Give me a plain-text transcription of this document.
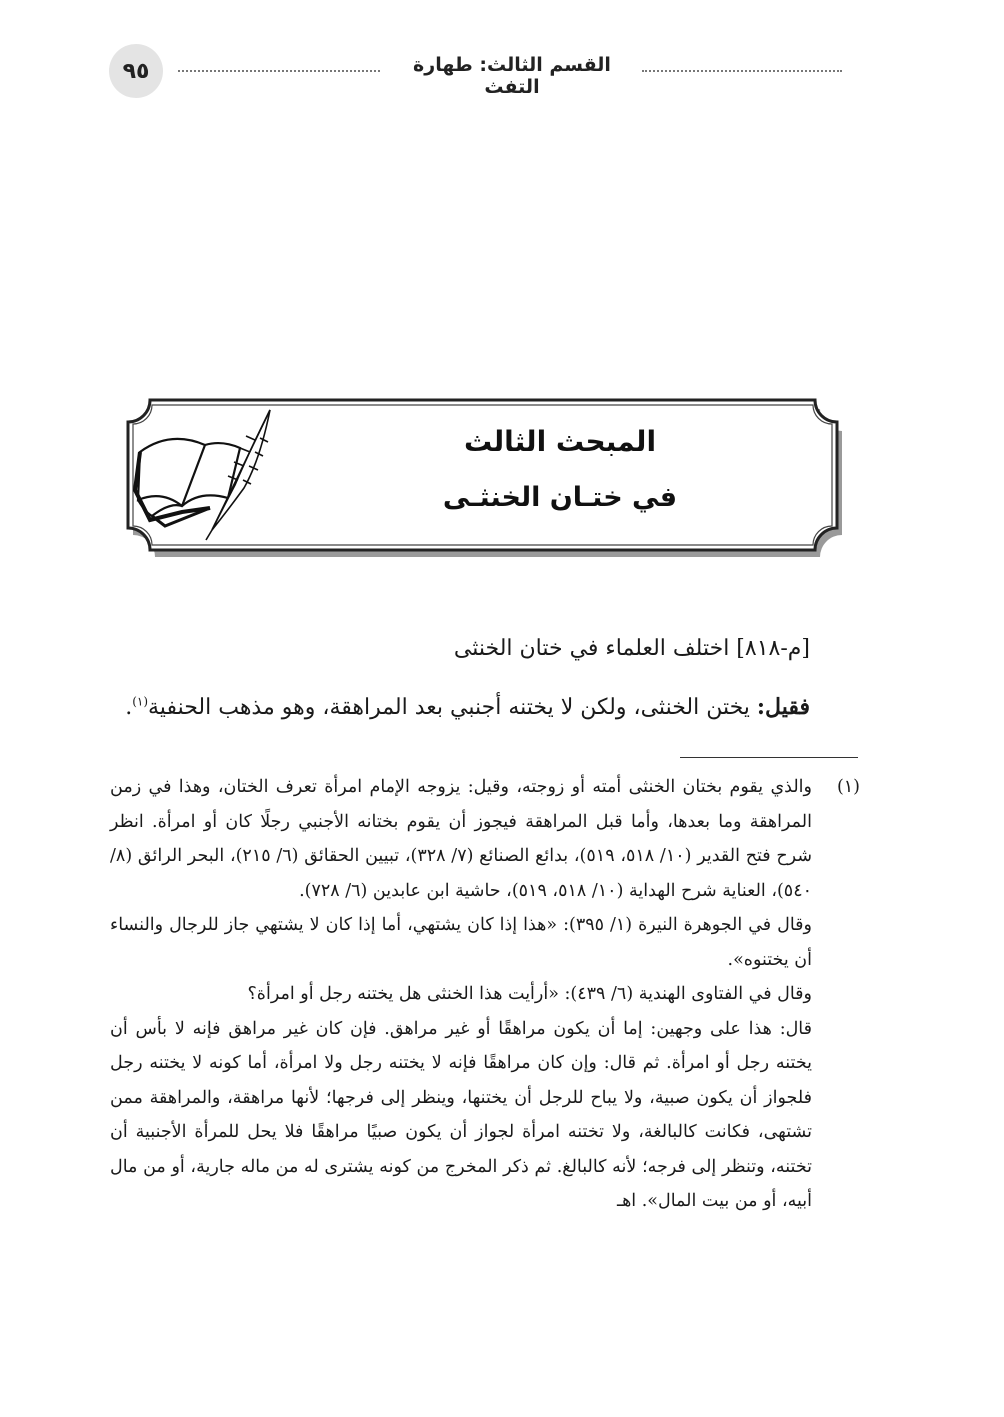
٩٥	القسم الثالث: طهارة التفث
المبحث الثالث
في ختـان الخنثـى
[م-٨١٨] اختلف العلماء في ختان الخنثى
فقيل: يختن الخنثى، ولكن لا يختنه أجنبي بعد المراهقة، وهو مذهب الحنفية$^{(١)}$.
(١)

والذي يقوم بختان الخنثى أمته أو زوجته، وقيل: يزوجه الإمام امرأة تعرف الختان، وهذا في زمن المراهقة وما بعدها، وأما قبل المراهقة فيجوز أن يقوم بختانه الأجنبي رجلًا كان أو امرأة. انظر شرح فتح القدير (١٠/ ٥١٨، ٥١٩)، بدائع الصنائع (٧/ ٣٢٨)، تبيين الحقائق (٦/ ٢١٥)، البحر الرائق (٨/ ٥٤٠)، العناية شرح الهداية (١٠/ ٥١٨، ٥١٩)، حاشية ابن عابدين (٦/ ٧٢٨).

وقال في الجوهرة النيرة (١/ ٣٩٥): «هذا إذا كان يشتهي، أما إذا كان لا يشتهي جاز للرجال والنساء أن يختنوه».

وقال في الفتاوى الهندية (٦/ ٤٣٩): «أرأيت هذا الخنثى هل يختنه رجل أو امرأة؟

قال: هذا على وجهين: إما أن يكون مراهقًا أو غير مراهق. فإن كان غير مراهق فإنه لا بأس أن يختنه رجل أو امرأة. ثم قال: وإن كان مراهقًا فإنه لا يختنه رجل ولا امرأة، أما كونه لا يختنه رجل فلجواز أن يكون صبية، ولا يباح للرجل أن يختنها، وينظر إلى فرجها؛ لأنها مراهقة، والمراهقة ممن تشتهى، فكانت كالبالغة، ولا تختنه امرأة لجواز أن يكون صبيًا مراهقًا فلا يحل للمرأة الأجنبية أن تختنه، وتنظر إلى فرجه؛ لأنه كالبالغ. ثم ذكر المخرج من كونه يشترى له من ماله جارية، أو من مال أبيه، أو من بيت المال». اهـ
